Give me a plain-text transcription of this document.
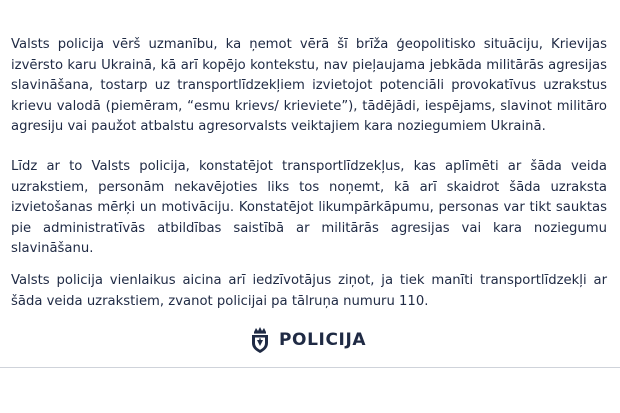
Valsts policija vērš uzmanību, ka ņemot vērā šī brīža ģeopolitisko situāciju, Krievijas izvērsto karu Ukrainā, kā arī kopējo kontekstu, nav pieļaujama jebkāda militārās agresijas slavināšana, tostarp uz transportlīdzekļiem izvietojot potenciāli provokatīvus uzrakstus krievu valodā (piemēram, “esmu krievs/ krieviete”), tādējādi, iespējams, slavinot militāro agresiju vai paužot atbalstu agresorvalsts veiktajiem kara noziegumiem Ukrainā.

Līdz ar to Valsts policija, konstatējot transportlīdzekļus, kas aplīmēti ar šāda veida uzrakstiem, personām nekavējoties liks tos noņemt, kā arī skaidrot šāda uzraksta izvietošanas mērķi un motivāciju. Konstatējot likumpārkāpumu, personas var tikt sauktas pie administratīvās atbildības saistībā ar militārās agresijas vai kara noziegumu slavināšanu.

Valsts policija vienlaikus aicina arī iedzīvotājus ziņot, ja tiek manīti transportlīdzekļi ar šāda veida uzrakstiem, zvanot policijai pa tālruņa numuru 110.

POLICIJA
